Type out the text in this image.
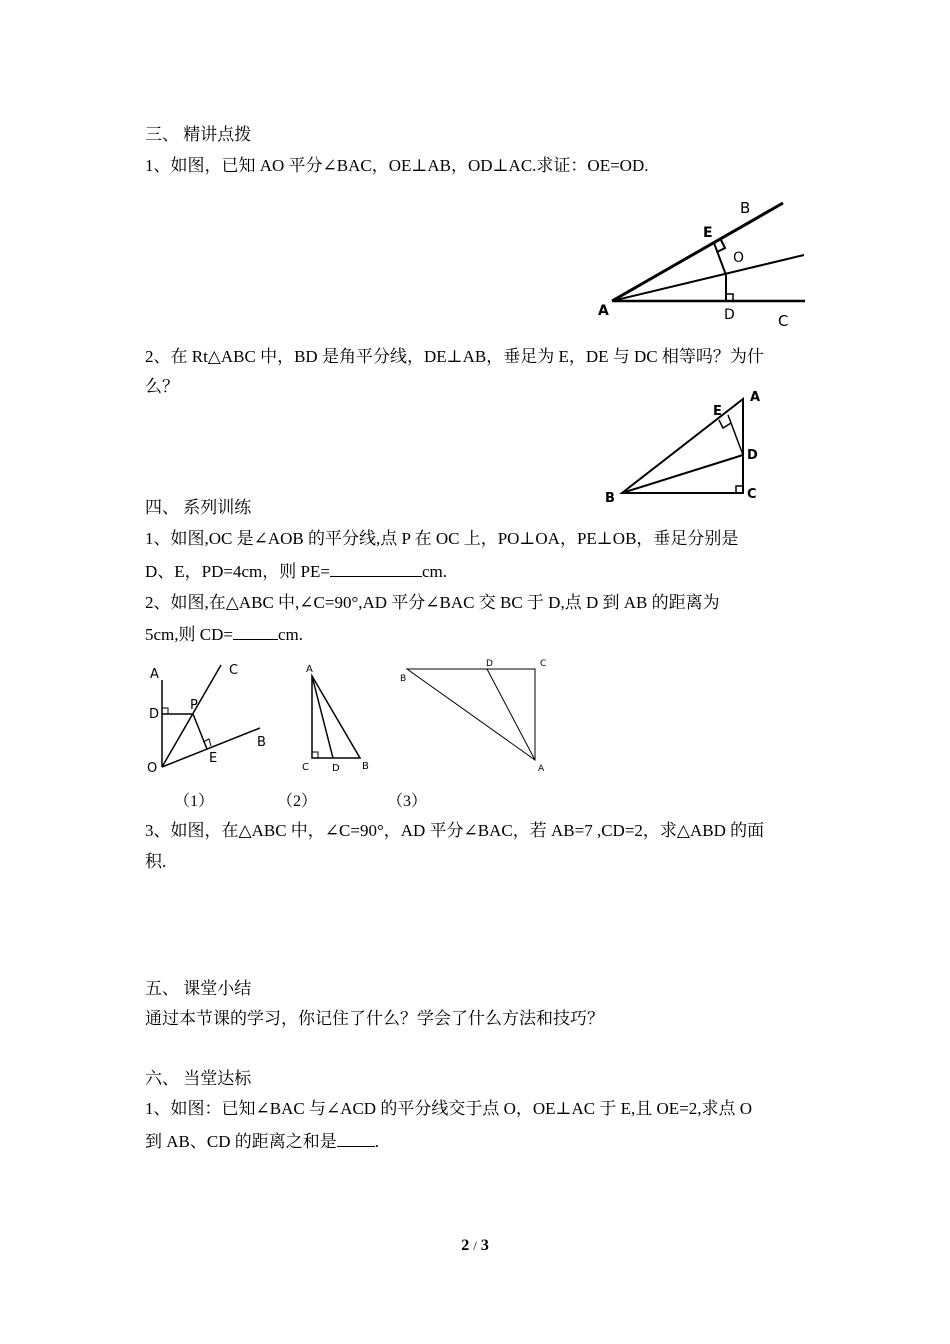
三、 精讲点拨
1、如图，已知 AO 平分∠BAC，OE⊥AB，OD⊥AC.求证：OE=OD.
A
B
E
O
D	C
2、在 Rt△ABC 中，BD 是角平分线，DE⊥AB，垂足为 E，DE 与 DC 相等吗？为什
么？
A
E
D
C
B
四、 系列训练
1、如图,OC 是∠AOB 的平分线,点 P 在 OC 上，PO⊥OA，PE⊥OB，垂足分别是
D、E，PD=4cm，则 PE=	cm.
2、如图,在△ABC 中,∠C=90°,AD 平分∠BAC 交 BC 于 D,点 D 到 AB 的距离为
5cm,则 CD=	cm.
A	C
D
P
O
E
B
A
C D B
B
D	C
A
（1）	（2）	（3）
3、如图，在△ABC 中，∠C=90°，AD 平分∠BAC，若 AB=7 ,CD=2，求△ABD 的面
积.
五、 课堂小结
通过本节课的学习，你记住了什么？学会了什么方法和技巧？
六、 当堂达标
1、如图：已知∠BAC 与∠ACD 的平分线交于点 O，OE⊥AC 于 E,且 OE=2,求点 O
到 AB、CD 的距离之和是 .
2 / 3
